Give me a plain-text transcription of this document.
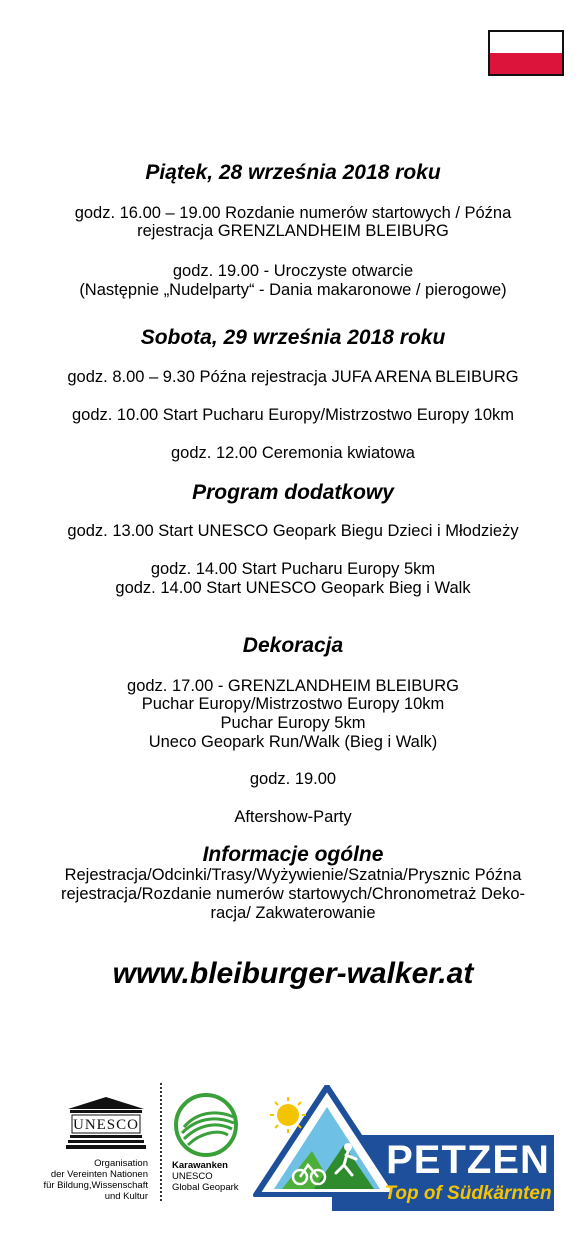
Piątek, 28 września 2018 roku
godz. 16.00 – 19.00 Rozdanie numerów startowych / Późna
rejestracja GRENZLANDHEIM BLEIBURG
godz. 19.00 - Uroczyste otwarcie
(Następnie „Nudelparty“ - Dania makaronowe / pierogowe)
Sobota, 29 września 2018 roku
godz. 8.00 – 9.30 Późna rejestracja JUFA ARENA BLEIBURG
godz. 10.00 Start Pucharu Europy/Mistrzostwo Europy 10km
godz. 12.00 Ceremonia kwiatowa
Program dodatkowy
godz. 13.00 Start UNESCO Geopark Biegu Dzieci i Młodzieży
godz. 14.00 Start Pucharu Europy 5km
godz. 14.00 Start UNESCO Geopark Bieg i Walk
Dekoracja
godz. 17.00 - GRENZLANDHEIM BLEIBURG
Puchar Europy/Mistrzostwo Europy 10km
Puchar Europy 5km
Uneco Geopark Run/Walk (Bieg i Walk)
godz. 19.00
Aftershow-Party
Informacje ogólne
Rejestracja/Odcinki/Trasy/Wyżywienie/Szatnia/Prysznic Późna
rejestracja/Rozdanie numerów startowych/Chronometraż Deko-
racja/ Zakwaterowanie
www.bleiburger-walker.at
UNESCO
Organisation
der Vereinten Nationen
für Bildung,Wissenschaft
und Kultur
Karawanken
UNESCO
Global Geopark
PETZEN
Top of Südkärnten
